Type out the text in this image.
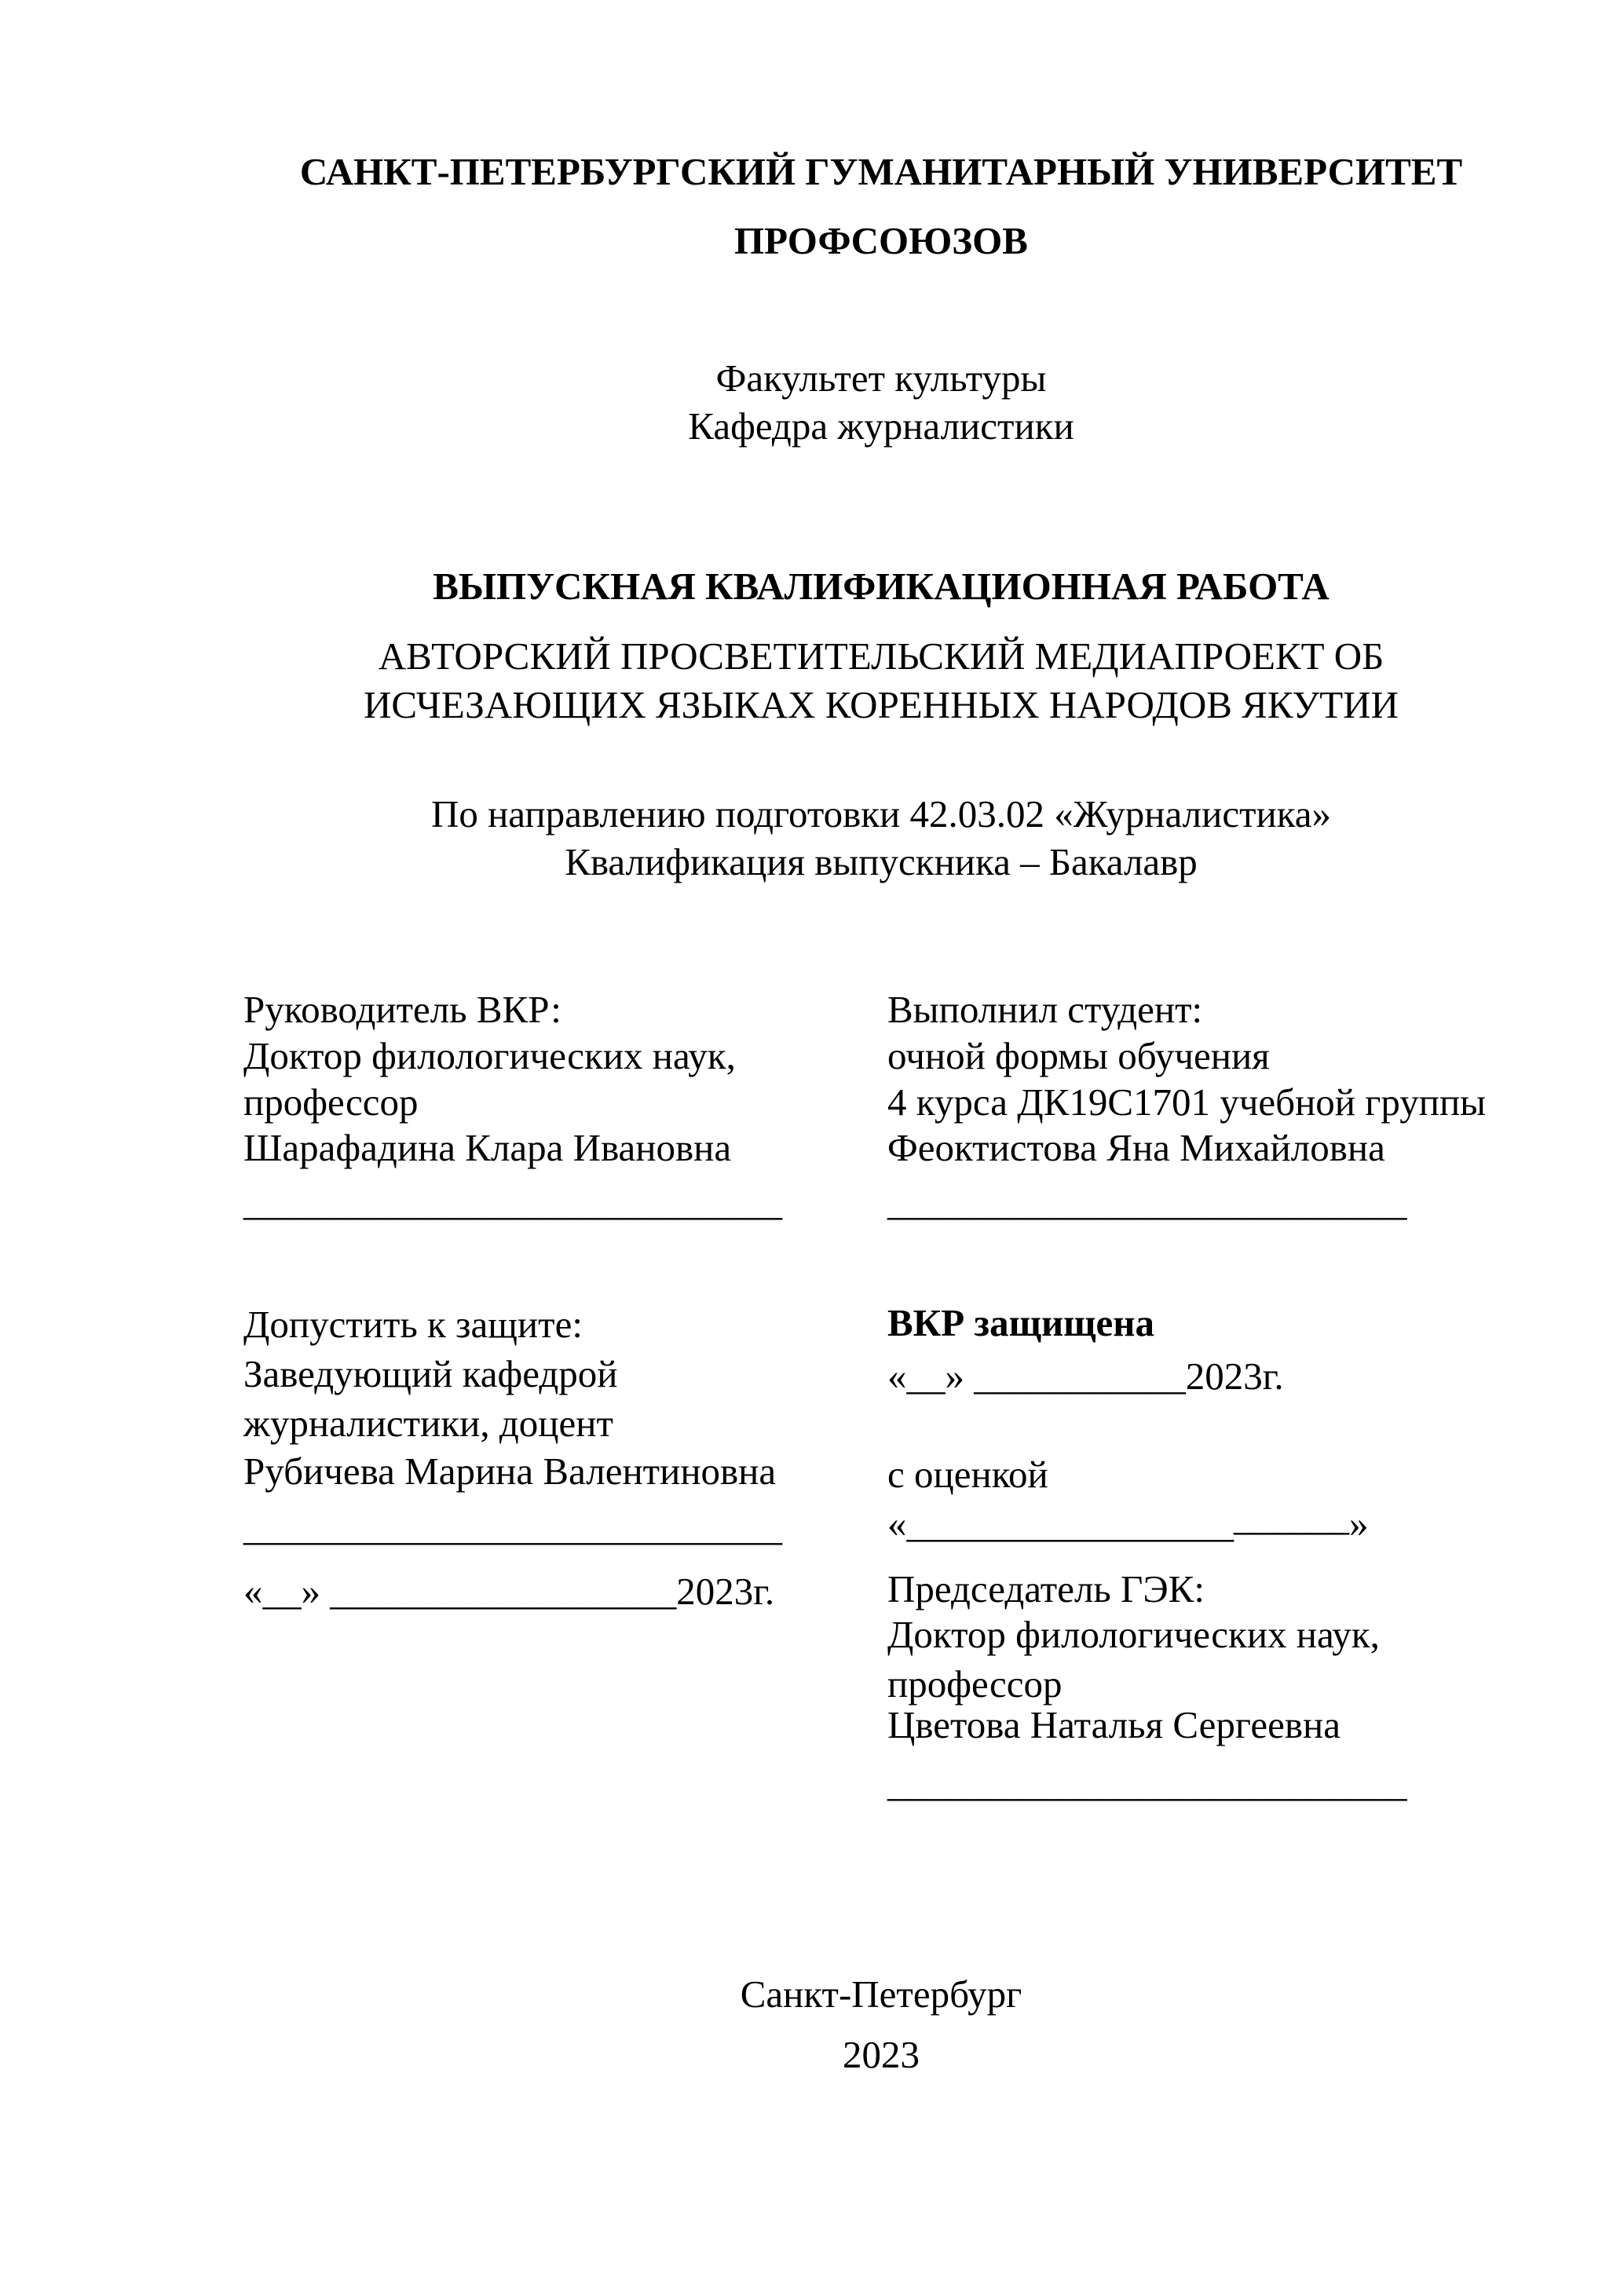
САНКТ-ПЕТЕРБУРГСКИЙ ГУМАНИТАРНЫЙ УНИВЕРСИТЕТ
ПРОФСОЮЗОВ
Факультет культуры
Кафедра журналистики
ВЫПУСКНАЯ КВАЛИФИКАЦИОННАЯ РАБОТА
АВТОРСКИЙ ПРОСВЕТИТЕЛЬСКИЙ МЕДИАПРОЕКТ ОБ
ИСЧЕЗАЮЩИХ ЯЗЫКАХ КОРЕННЫХ НАРОДОВ ЯКУТИИ
По направлению подготовки 42.03.02 «Журналистика»
Квалификация выпускника – Бакалавр
Руководитель ВКР:
Доктор филологических наук,
профессор
Шарафадина Клара Ивановна
____________________________
Выполнил студент:
очной формы обучения
4 курса ДК19С1701 учебной группы
Феоктистова Яна Михайловна
___________________________
Допустить к защите:
Заведующий кафедрой
журналистики, доцент
Рубичева Марина Валентиновна
____________________________
«__» __________________2023г.
ВКР защищена
«__» ___________2023г.
с оценкой
«_______________________»
Председатель ГЭК:
Доктор филологических наук,
профессор
Цветова Наталья Сергеевна
___________________________
Санкт-Петербург
2023
